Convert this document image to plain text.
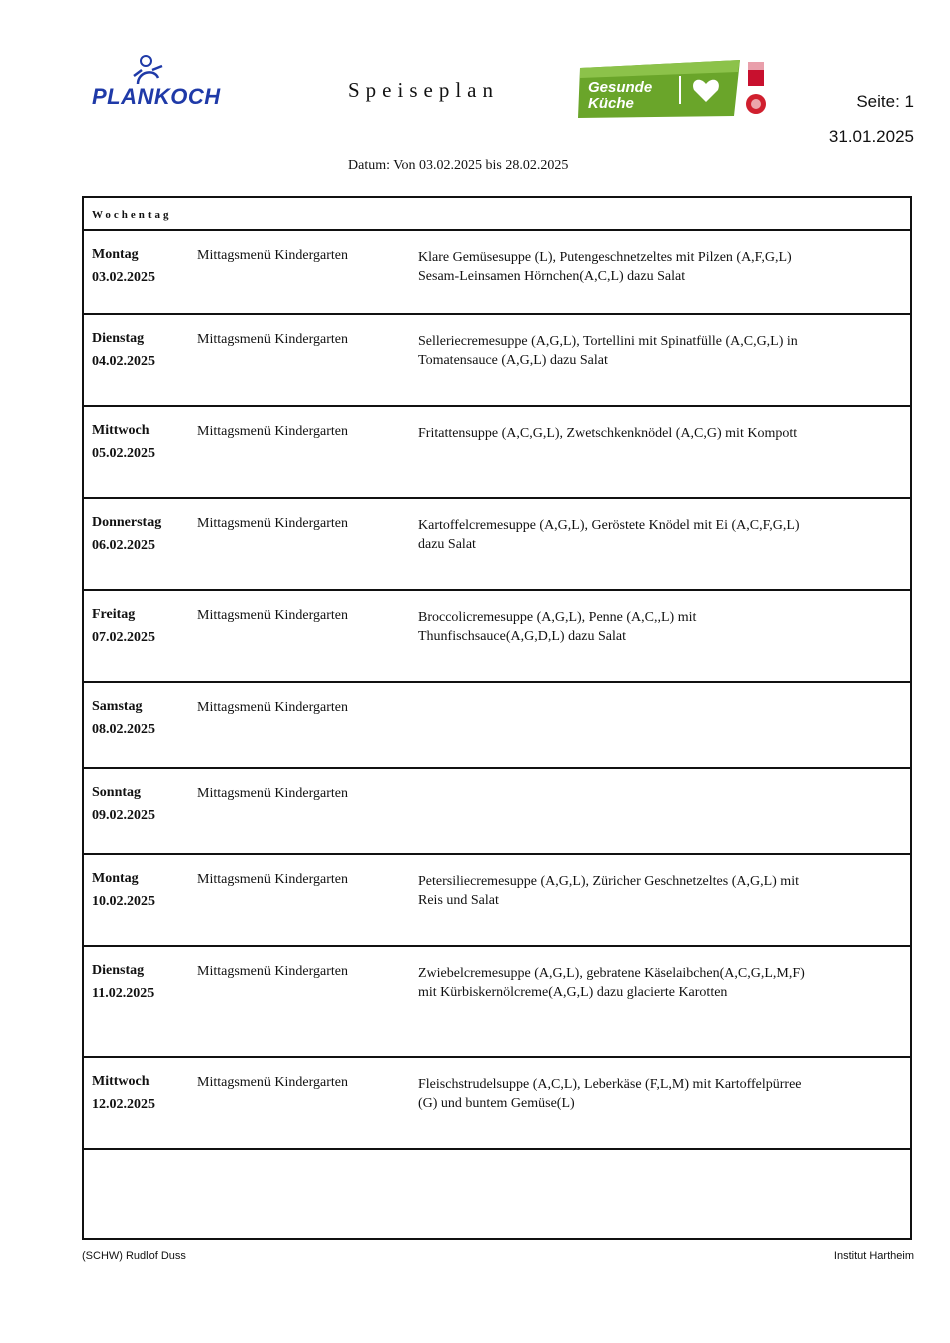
PLANKOCH	Speiseplan	Gesunde
Küche	Seite: 1
31.01.2025
Datum: Von 03.02.2025 bis 28.02.2025
Wochentag
Montag
03.02.2025
Mittagsmenü Kindergarten	Klare Gemüsesuppe (L), Putengeschnetzeltes mit Pilzen (A,F,G,L) Sesam-Leinsamen Hörnchen(A,C,L) dazu Salat
Dienstag
04.02.2025
Mittagsmenü Kindergarten	Selleriecremesuppe (A,G,L), Tortellini mit Spinatfülle (A,C,G,L) in Tomatensauce (A,G,L) dazu Salat
Mittwoch
05.02.2025
Mittagsmenü Kindergarten	Fritattensuppe (A,C,G,L), Zwetschkenknödel (A,C,G) mit Kompott
Donnerstag
06.02.2025
Mittagsmenü Kindergarten	Kartoffelcremesuppe (A,G,L), Geröstete Knödel mit Ei (A,C,F,G,L) dazu Salat
Freitag
07.02.2025
Mittagsmenü Kindergarten	Broccolicremesuppe (A,G,L), Penne (A,C,,L) mit Thunfischsauce(A,G,D,L) dazu Salat
Samstag
08.02.2025
Mittagsmenü Kindergarten
Sonntag
09.02.2025
Mittagsmenü Kindergarten
Montag
10.02.2025
Mittagsmenü Kindergarten	Petersiliecremesuppe (A,G,L), Züricher Geschnetzeltes (A,G,L) mit Reis und Salat
Dienstag
11.02.2025
Mittagsmenü Kindergarten	Zwiebelcremesuppe (A,G,L), gebratene Käselaibchen(A,C,G,L,M,F) mit Kürbiskernölcreme(A,G,L) dazu glacierte Karotten
Mittwoch
12.02.2025
Mittagsmenü Kindergarten	Fleischstrudelsuppe (A,C,L), Leberkäse (F,L,M) mit Kartoffelpürree (G) und buntem Gemüse(L)
(SCHW) Rudlof Duss	Institut Hartheim
